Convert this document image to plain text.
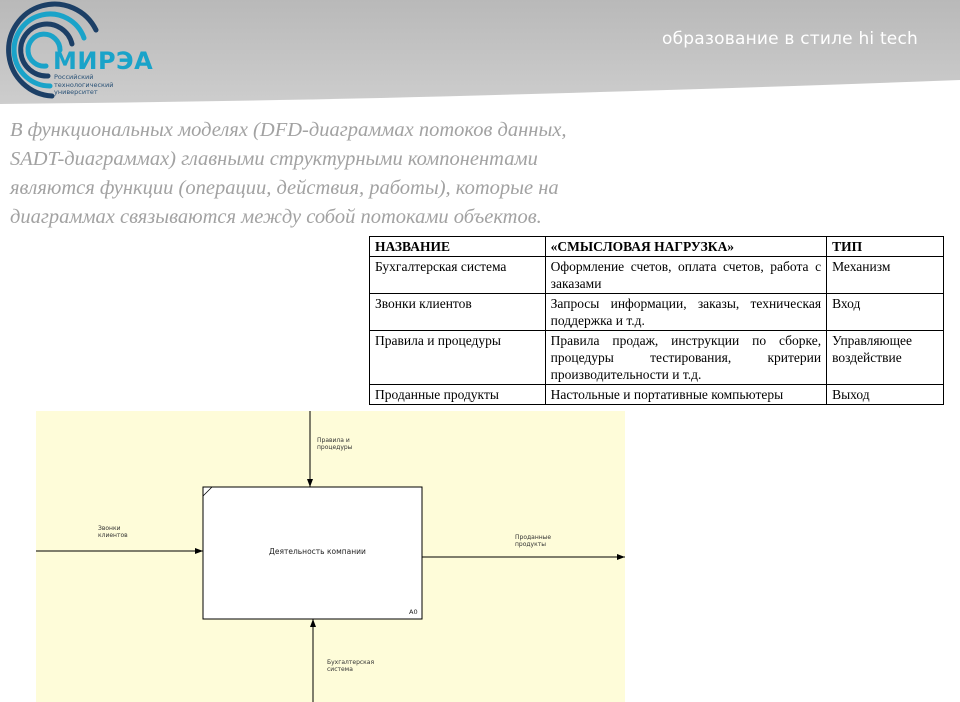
МИРЭА
Российский
технологический
университет
образование в стиле hi tech
В функциональных моделях (DFD-диаграммах потоков данных,
SADT-диаграммах) главными структурными компонентами
являются функции (операции, действия, работы), которые на
диаграммах связываются между собой потоками объектов.
НАЗВАНИЕ	«СМЫСЛОВАЯ НАГРУЗКА»	ТИП
Бухгалтерская система	Оформление счетов, оплата счетов, работа с заказами	Механизм
Звонки клиентов	Запросы информации, заказы, техническая поддержка и т.д.	Вход
Правила и процедуры	Правила продаж, инструкции по сборке, процедуры тестирования, критерии производительности и т.д.	Управляющее воздействие
Проданные продукты	Настольные и портативные компьютеры	Выход
Правила и
процедуры
Звонки
клиентов	Проданные
продукты
Бухгалтерская
система
Деятельность компании
A0
